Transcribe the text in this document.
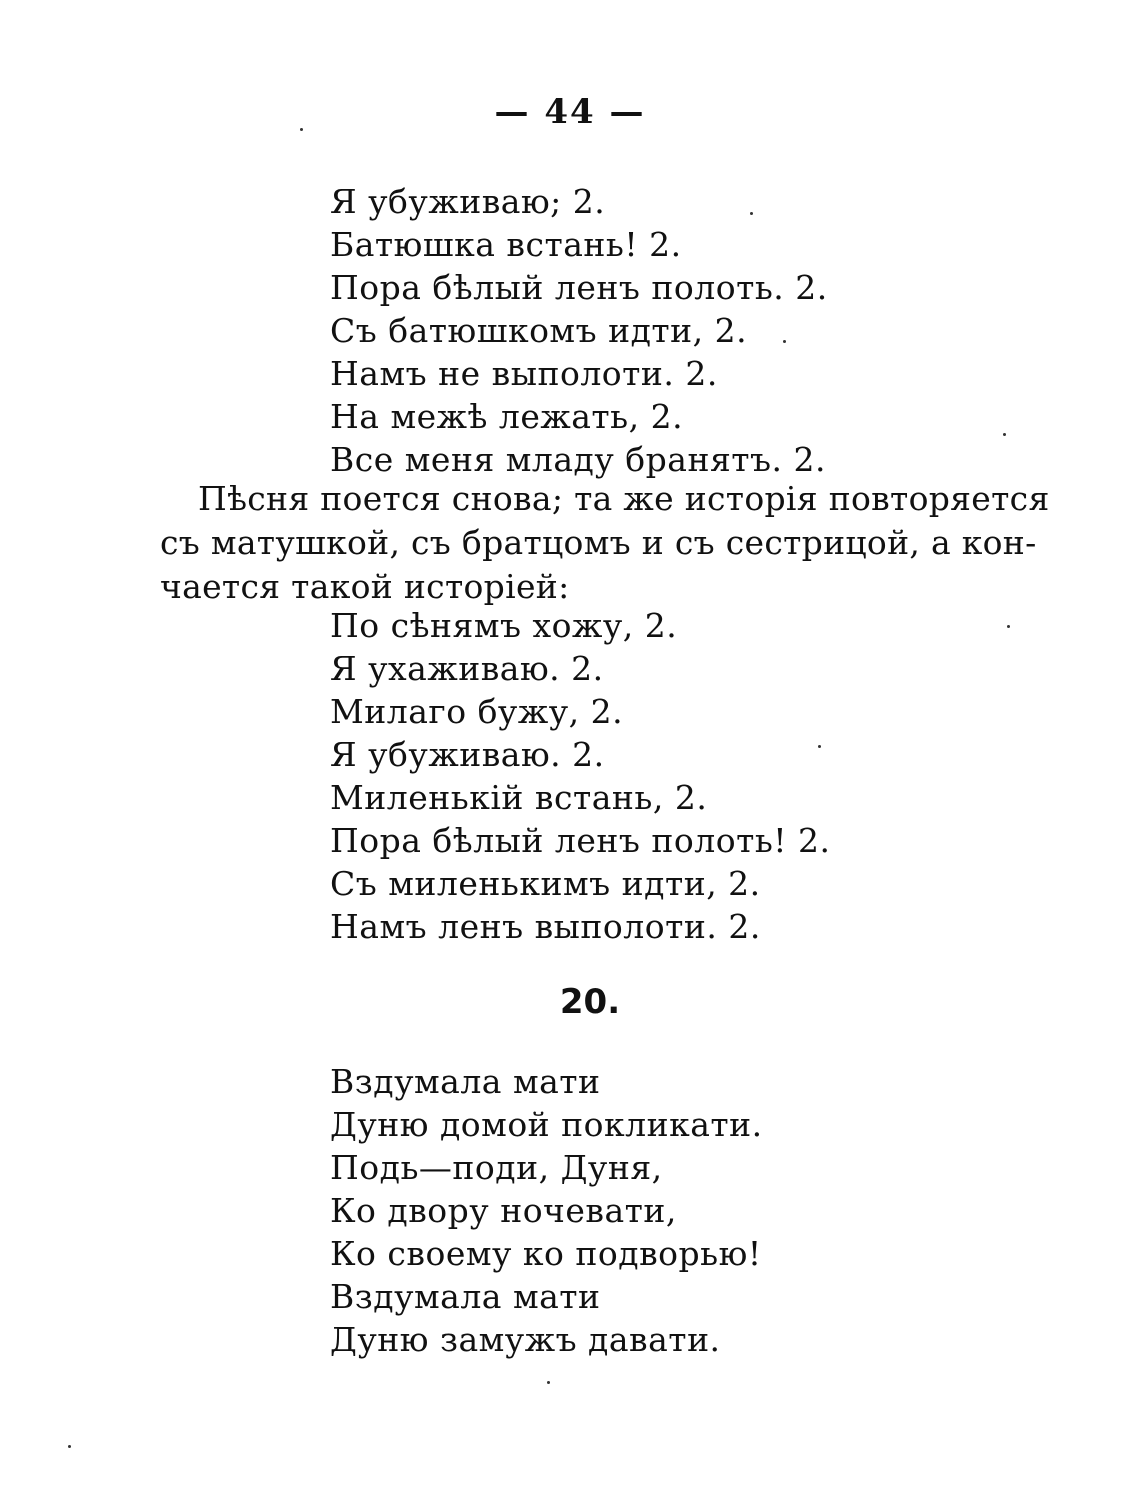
— 44 —
Я убуживаю; 2.
Батюшка встань! 2.
Пора бѣлый ленъ полоть. 2.
Съ батюшкомъ идти, 2.
Намъ не выполоти. 2.
На межѣ лежать, 2.
Все меня младу бранятъ. 2.
Пѣсня поется снова; та же исторія повторяется
съ матушкой, съ братцомъ и съ сестрицой, а кон-
чается такой исторіей:
По сѣнямъ хожу, 2.
Я ухаживаю. 2.
Милаго бужу, 2.
Я убуживаю. 2.
Миленькій встань, 2.
Пора бѣлый ленъ полоть! 2.
Съ миленькимъ идти, 2.
Намъ ленъ выполоти. 2.
20.
Вздумала мати
Дуню домой покликати.
Подь—поди, Дуня,
Ко двору ночевати,
Ко своему ко подворью!
Вздумала мати
Дуню замужъ давати.
